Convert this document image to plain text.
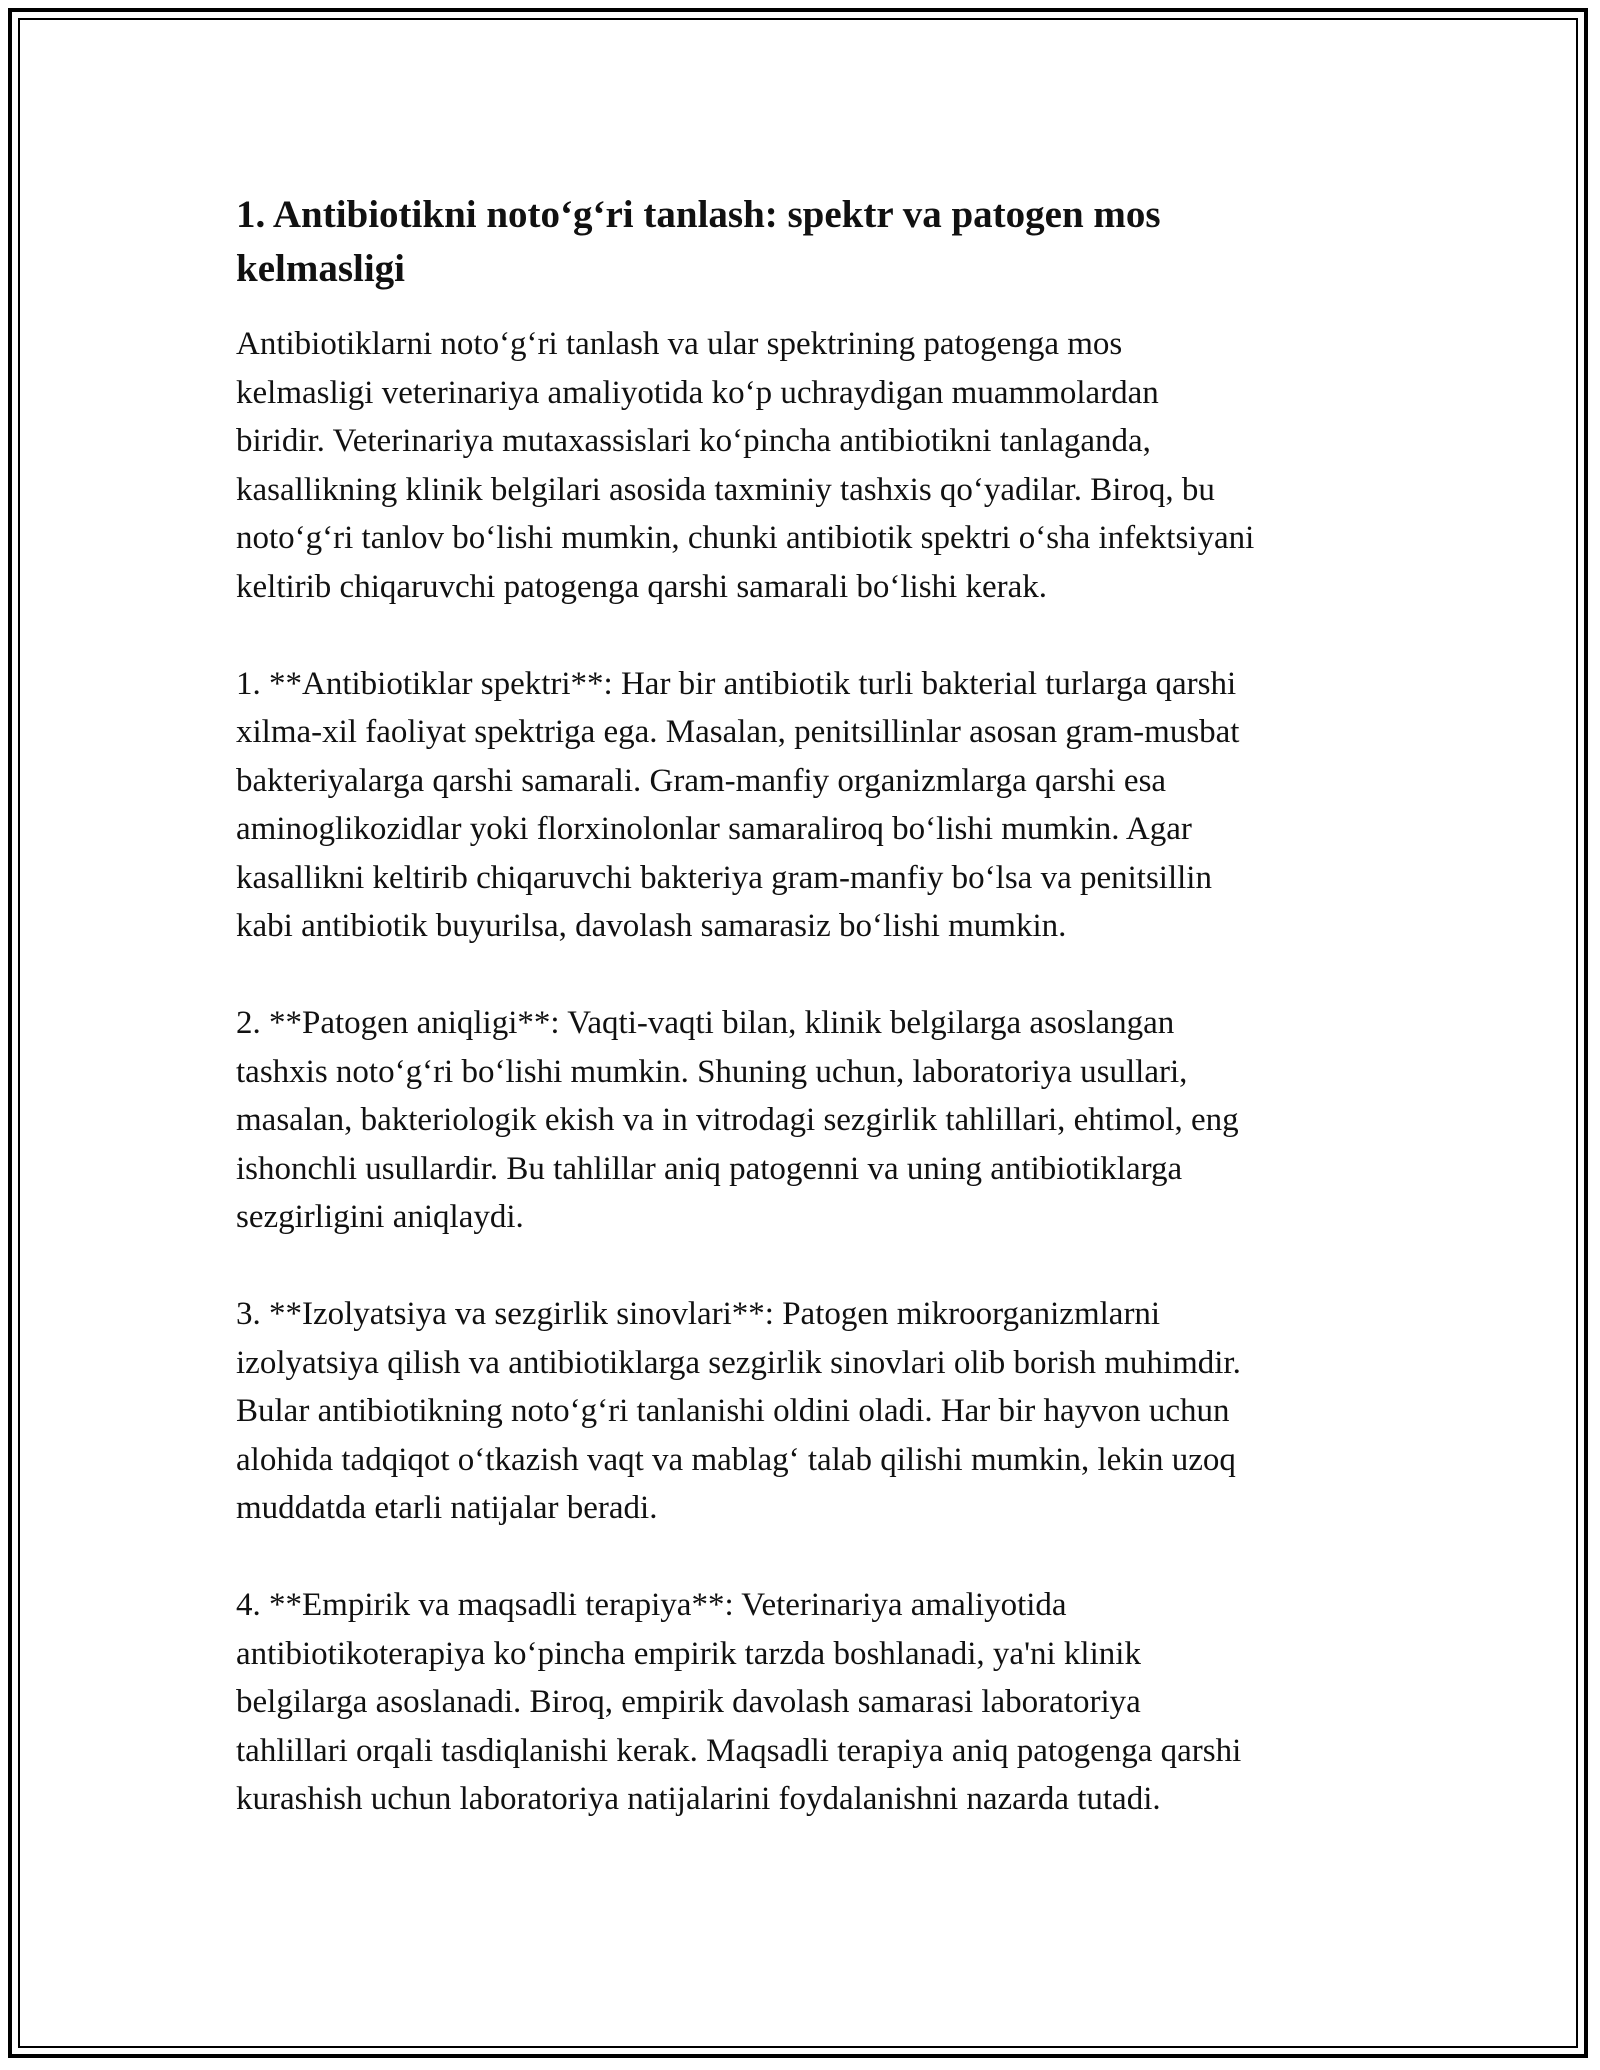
1. Antibiotikni noto‘g‘ri tanlash: spektr va patogen mos
kelmasligi

Antibiotiklarni noto‘g‘ri tanlash va ular spektrining patogenga mos
kelmasligi veterinariya amaliyotida ko‘p uchraydigan muammolardan
biridir. Veterinariya mutaxassislari ko‘pincha antibiotikni tanlaganda,
kasallikning klinik belgilari asosida taxminiy tashxis qo‘yadilar. Biroq, bu
noto‘g‘ri tanlov bo‘lishi mumkin, chunki antibiotik spektri o‘sha infektsiyani
keltirib chiqaruvchi patogenga qarshi samarali bo‘lishi kerak.

1. **Antibiotiklar spektri**: Har bir antibiotik turli bakterial turlarga qarshi
xilma-xil faoliyat spektriga ega. Masalan, penitsillinlar asosan gram-musbat
bakteriyalarga qarshi samarali. Gram-manfiy organizmlarga qarshi esa
aminoglikozidlar yoki florxinolonlar samaraliroq bo‘lishi mumkin. Agar
kasallikni keltirib chiqaruvchi bakteriya gram-manfiy bo‘lsa va penitsillin
kabi antibiotik buyurilsa, davolash samarasiz bo‘lishi mumkin.

2. **Patogen aniqligi**: Vaqti-vaqti bilan, klinik belgilarga asoslangan
tashxis noto‘g‘ri bo‘lishi mumkin. Shuning uchun, laboratoriya usullari,
masalan, bakteriologik ekish va in vitrodagi sezgirlik tahlillari, ehtimol, eng
ishonchli usullardir. Bu tahlillar aniq patogenni va uning antibiotiklarga
sezgirligini aniqlaydi.

3. **Izolyatsiya va sezgirlik sinovlari**: Patogen mikroorganizmlarni
izolyatsiya qilish va antibiotiklarga sezgirlik sinovlari olib borish muhimdir.
Bular antibiotikning noto‘g‘ri tanlanishi oldini oladi. Har bir hayvon uchun
alohida tadqiqot o‘tkazish vaqt va mablag‘ talab qilishi mumkin, lekin uzoq
muddatda etarli natijalar beradi.

4. **Empirik va maqsadli terapiya**: Veterinariya amaliyotida
antibiotikoterapiya ko‘pincha empirik tarzda boshlanadi, ya'ni klinik
belgilarga asoslanadi. Biroq, empirik davolash samarasi laboratoriya
tahlillari orqali tasdiqlanishi kerak. Maqsadli terapiya aniq patogenga qarshi
kurashish uchun laboratoriya natijalarini foydalanishni nazarda tutadi.
